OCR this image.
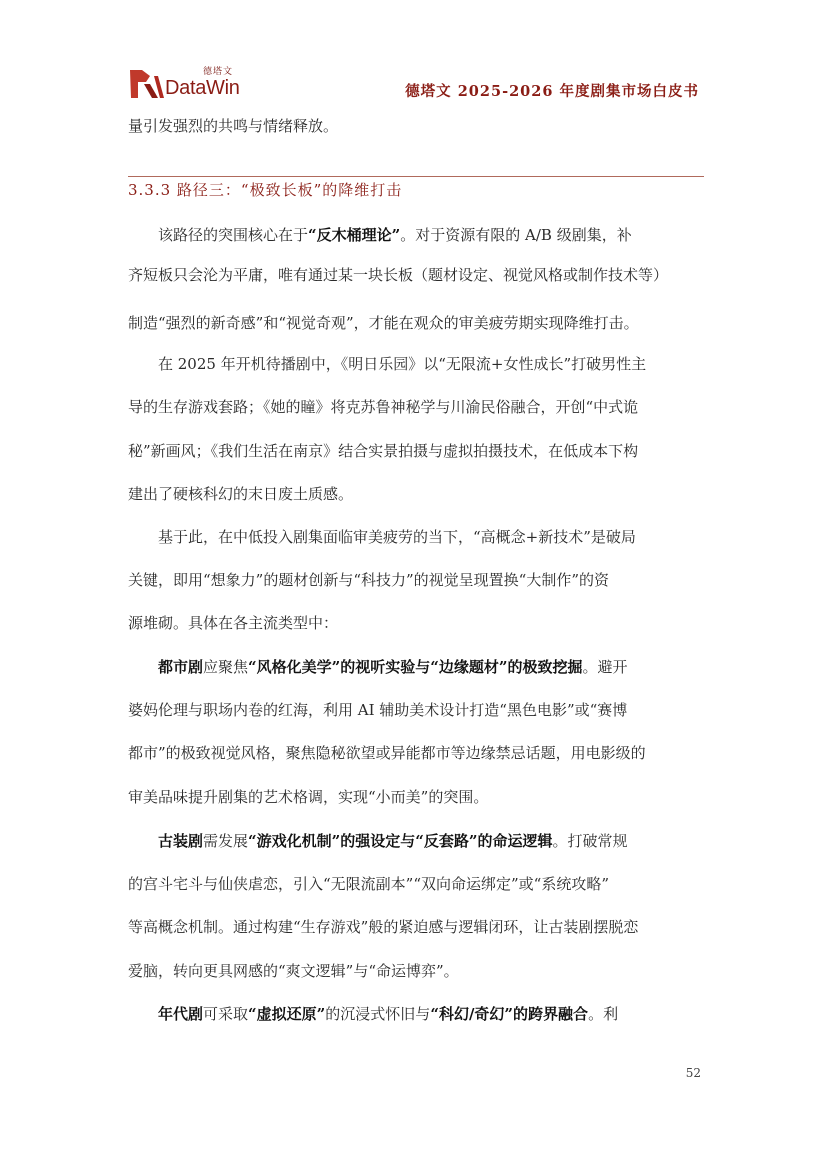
德塔文
DataWin	德塔文 2025-2026 年度剧集市场白皮书
量引发强烈的共鸣与情绪释放。
3.3.3 路径三：“极致长板”的降维打击
该路径的突围核心在于“反木桶理论”。对于资源有限的 A/B 级剧集，补
齐短板只会沦为平庸，唯有通过某一块长板（题材设定、视觉风格或制作技术等）
制造“强烈的新奇感”和“视觉奇观”，才能在观众的审美疲劳期实现降维打击。
在 2025 年开机待播剧中，《明日乐园》以“无限流+女性成长”打破男性主
导的生存游戏套路；《她的瞳》将克苏鲁神秘学与川渝民俗融合，开创“中式诡
秘”新画风；《我们生活在南京》结合实景拍摄与虚拟拍摄技术，在低成本下构
建出了硬核科幻的末日废土质感。
基于此，在中低投入剧集面临审美疲劳的当下，“高概念+新技术”是破局
关键，即用“想象力”的题材创新与“科技力”的视觉呈现置换“大制作”的资
源堆砌。具体在各主流类型中：
都市剧应聚焦“风格化美学”的视听实验与“边缘题材”的极致挖掘。避开
婆妈伦理与职场内卷的红海，利用 AI 辅助美术设计打造“黑色电影”或“赛博
都市”的极致视觉风格，聚焦隐秘欲望或异能都市等边缘禁忌话题，用电影级的
审美品味提升剧集的艺术格调，实现“小而美”的突围。
古装剧需发展“游戏化机制”的强设定与“反套路”的命运逻辑。打破常规
的宫斗宅斗与仙侠虐恋，引入“无限流副本”“双向命运绑定”或“系统攻略”
等高概念机制。通过构建“生存游戏”般的紧迫感与逻辑闭环，让古装剧摆脱恋
爱脑，转向更具网感的“爽文逻辑”与“命运博弈”。
年代剧可采取“虚拟还原”的沉浸式怀旧与“科幻/奇幻”的跨界融合。利
52
